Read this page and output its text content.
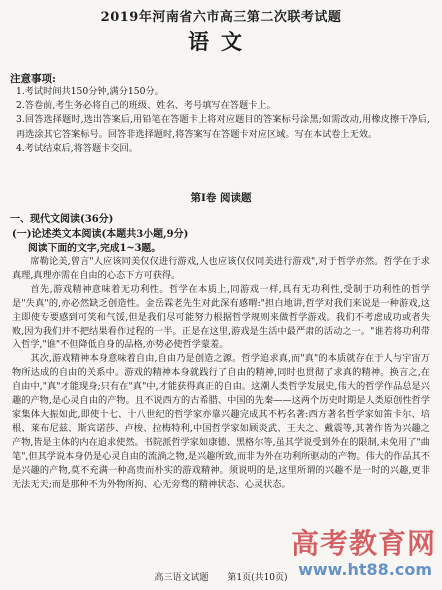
2019年河南省六市高三第二次联考试题
语文
注意事项:

1.考试时间共150分钟,满分150分。

2.答卷前,考生务必将自己的班级、姓名、考号填写在答题卡上。

3.回答选择题时,选出答案后,用铅笔在答题卡上将对应题目的答案标号涂黑;如需改动,用橡皮擦干净后,再选涂其它答案标号。回答非选择题时,将答案写在答题卡对应区域。写在本试卷上无效。

4.考试结束后,将答题卡交回。

第Ⅰ卷 阅读题
一、现代文阅读(36分)
(一)论述类文本阅读(本题共3小题,9分)
阅读下面的文字,完成1~3题。

席勒论美,曾言"人应该同美仅仅进行游戏,人也应该仅仅同美进行游戏",对于哲学亦然。哲学在于求真理,真理亦需在自由的心态下方可获得。

首先,游戏精神意味着无功利性。哲学在本质上,同游戏一样,具有无功利性,受制于功利性的哲学是"失真"的,亦必然缺乏创造性。金岳霖老先生对此深有感喟:"担白地讲,哲学对我们来说是一种游戏,这主即使专要感到可笑和气馁,但是我们尽可能努力根据哲学规则来做哲学游戏。我们不考虑成功或者失败,因为我们并不把结果看作过程的一半。正是在这里,游戏是生活中最严肃的活动之一。"谁若将功利带入哲学,"谁"不但降低自身的品格,亦势必使哲学蒙羞。

其次,游戏精神本身意味着自由,自由乃是创造之源。哲学追求真,而"真"的本质就存在于人与宇宙万物所达成的自由的关系中。游戏的精神本身就践行了自由的精神,同时也贯彻了求真的精神。换言之,在自由中,"真"才能现身;只有在"真"中,才能获得真正的自由。这潮人类哲学发展史,伟大的哲学作品总是兴趣的产物,是心灵自由的产物。且不说西方的古希腊、中国的先秦——这两个历史时期是人类原创性哲学家集体大振如此,即使十七、十八世纪的哲学家亦靠兴趣完成其不朽名著:西方著名哲学家如笛卡尔、培根、莱布尼兹、斯宾诺莎、卢梭、拉梅特利,中国哲学家如顾炎武、王夫之、戴震等,其著作皆为兴趣之产物,皆是主体的内在追求使然。书院派哲学家如康德、黑格尔等,虽其学说受到外在的限制,未免用了"曲笔",但其学说本身仍是心灵自由的流淌之物,是兴趣所致,而非为外在功利所驱动的产物。伟大的作品其不是兴趣的产物,莫不充满一种高贵而朴实的游戏精神。须说明的是,这里所谓的兴趣不是一时的兴趣,更非无法无天;而是那种不为外物所拘、心无旁骛的精神状态、心灵状态。

高三语文试题 第1页(共10页)
高考教育网
www.ht88.com
